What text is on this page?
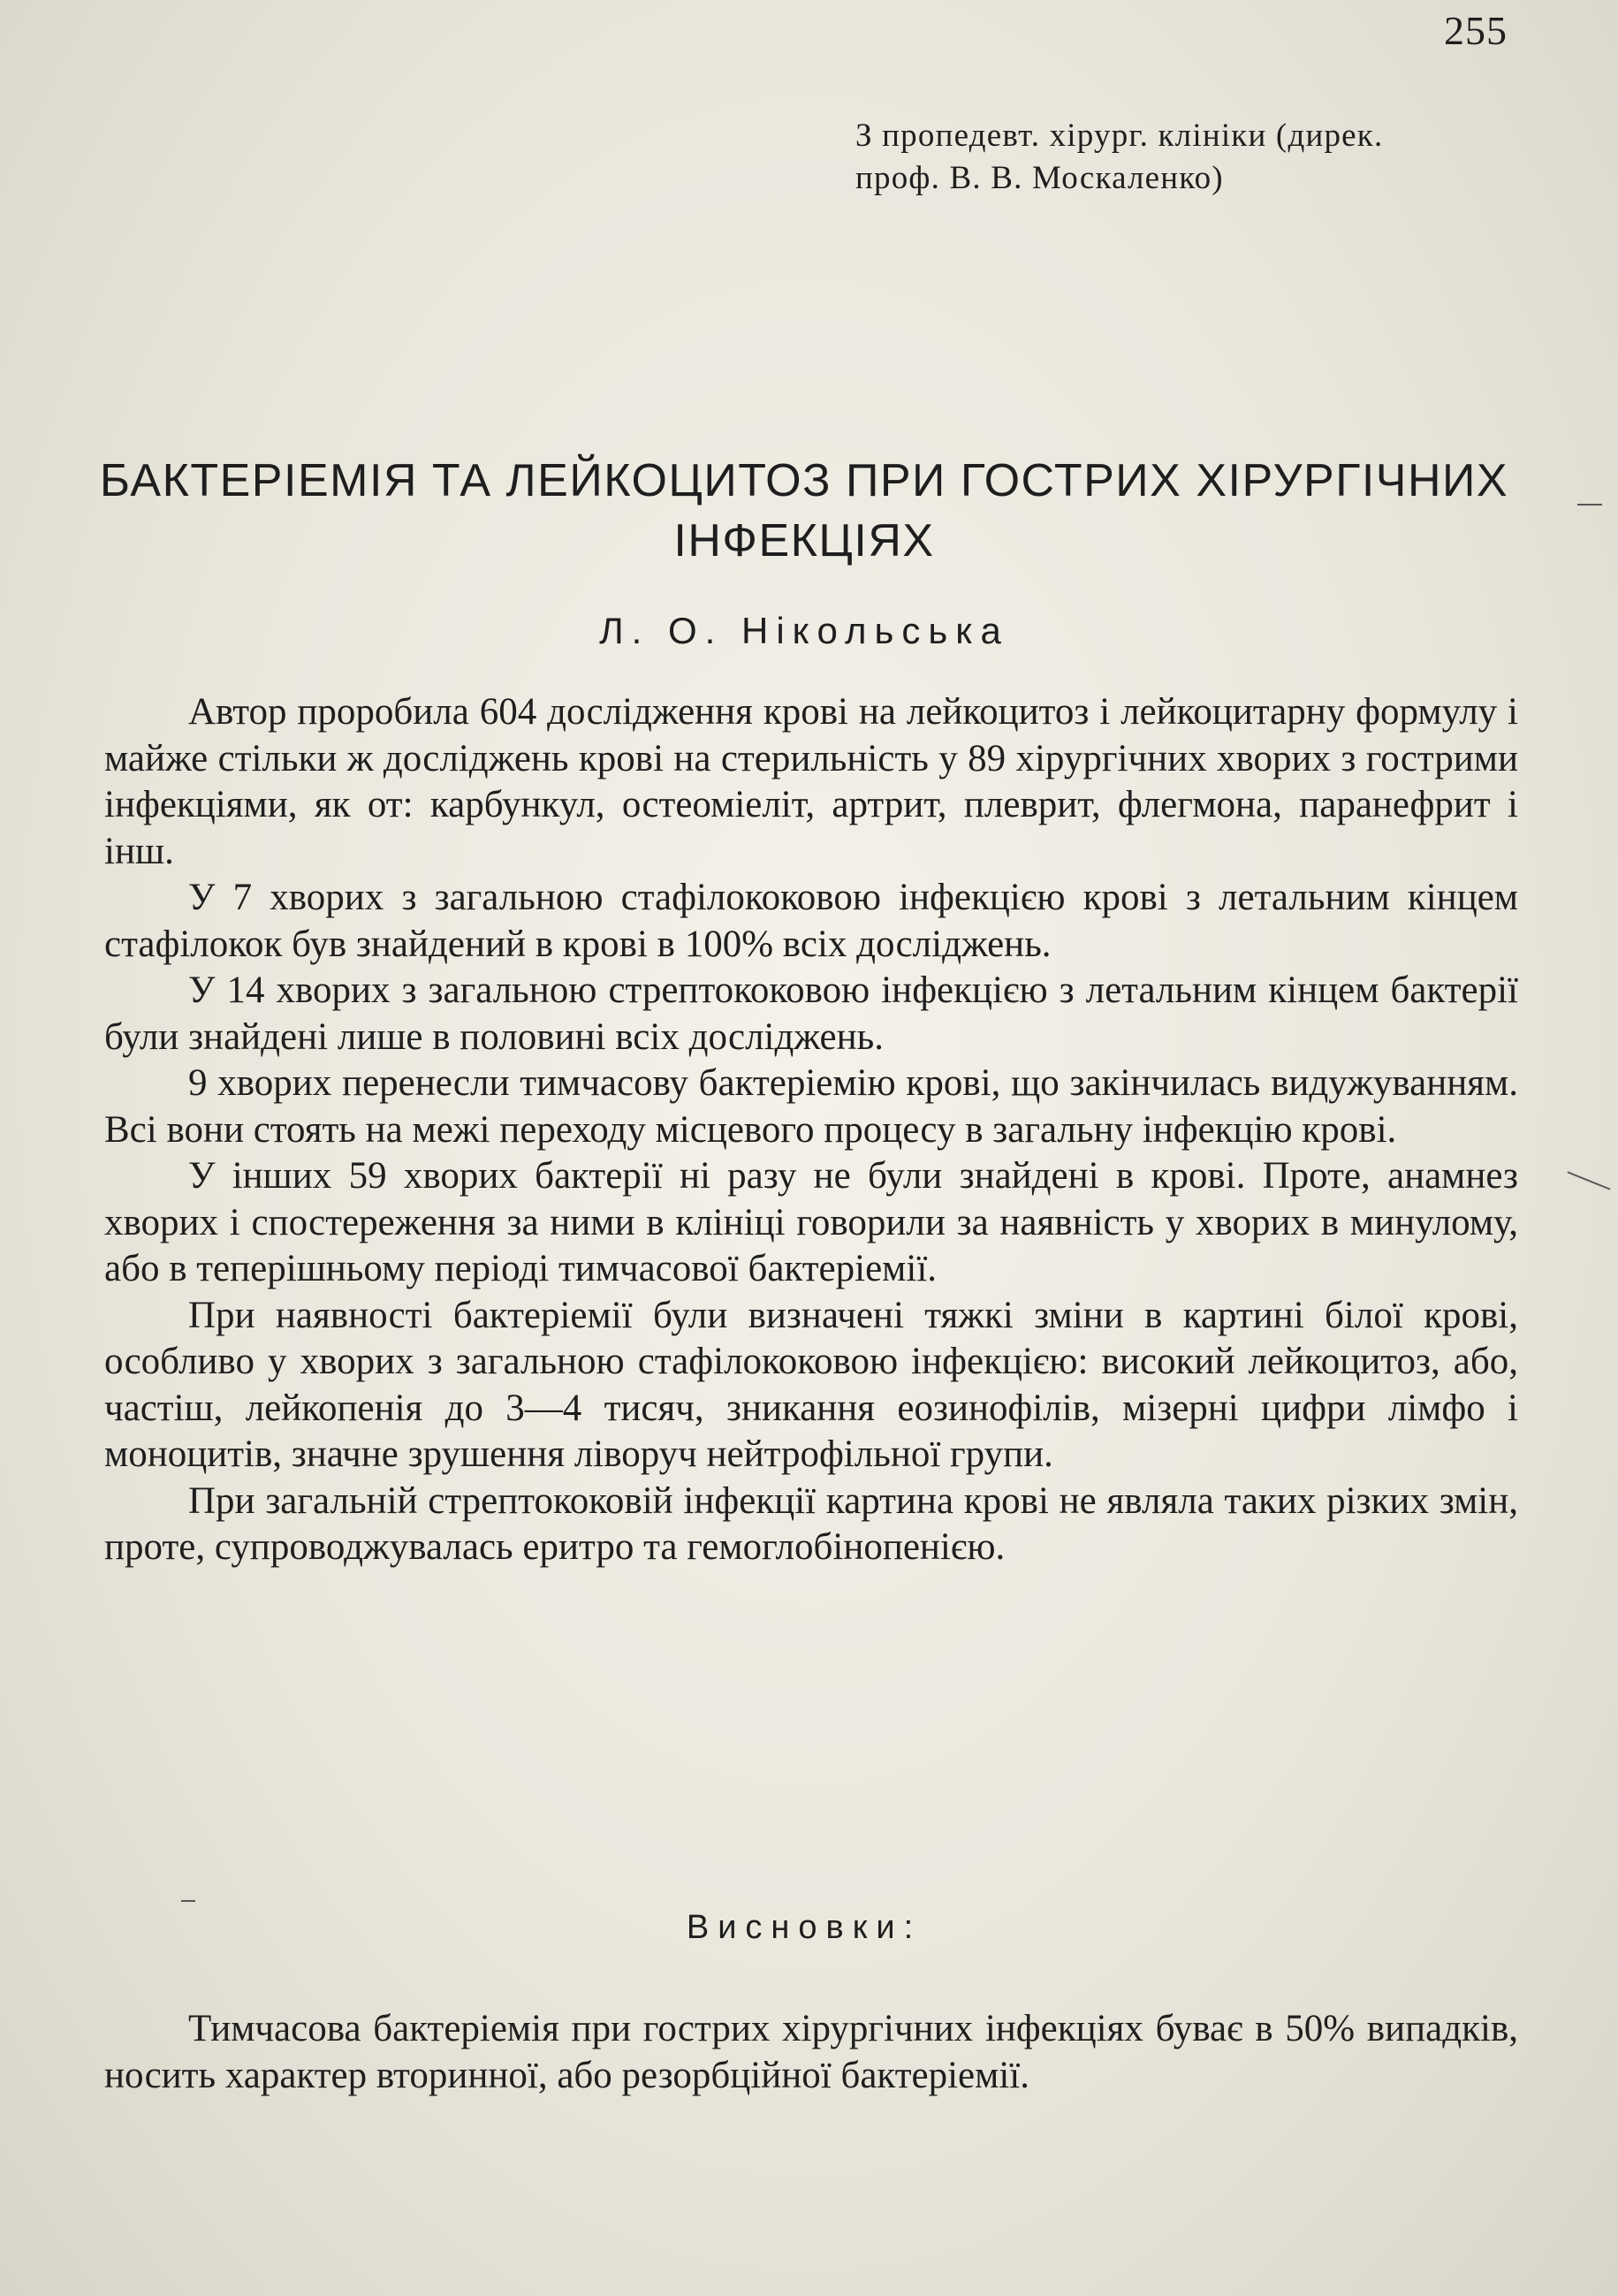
255
З пропедевт. хірург. клініки (дирек.
проф. В. В. Москаленко)
БАКТЕРІЕМІЯ ТА ЛЕЙКОЦИТОЗ ПРИ ГОСТРИХ ХІРУРГІЧНИХ
ІНФЕКЦІЯХ
Л. О. Нікольська

Автор проробила 604 дослідження крові на лейкоцитоз і лейкоцитарну формулу і майже стільки ж досліджень крові на стерильність у 89 хірургічних хворих з гострими інфекціями, як от: карбункул, остеоміеліт, артрит, плеврит, флегмона, паранефрит і інш.

У 7 хворих з загальною стафілококовою інфекцією крові з летальним кінцем стафілокок був знайдений в крові в 100% всіх досліджень.

У 14 хворих з загальною стрептококовою інфекцією з летальним кінцем бактерії були знайдені лише в половині всіх досліджень.

9 хворих перенесли тимчасову бактеріемію крові, що закінчилась видужуванням. Всі вони стоять на межі переходу місцевого процесу в загальну інфекцію крові.

У інших 59 хворих бактерії ні разу не були знайдені в крові. Проте, анамнез хворих і спостереження за ними в клініці говорили за наявність у хворих в минулому, або в теперішньому періоді тимчасової бактеріемії.

При наявності бактеріемії були визначені тяжкі зміни в картині білої крові, особливо у хворих з загальною стафілококовою інфекцією: високий лейкоцитоз, або, частіш, лейкопенія до 3—4 тисяч, зникання еозинофілів, мізерні цифри лімфо і моноцитів, значне зрушення ліворуч нейтрофільної групи.

При загальній стрептококовій інфекції картина крові не являла таких різких змін, проте, супроводжувалась еритро та гемоглобінопенією.

Висновки:

Тимчасова бактеріемія при гострих хірургічних інфекціях буває в 50% випадків, носить характер вторинної, або резорбційної бактеріемії.
